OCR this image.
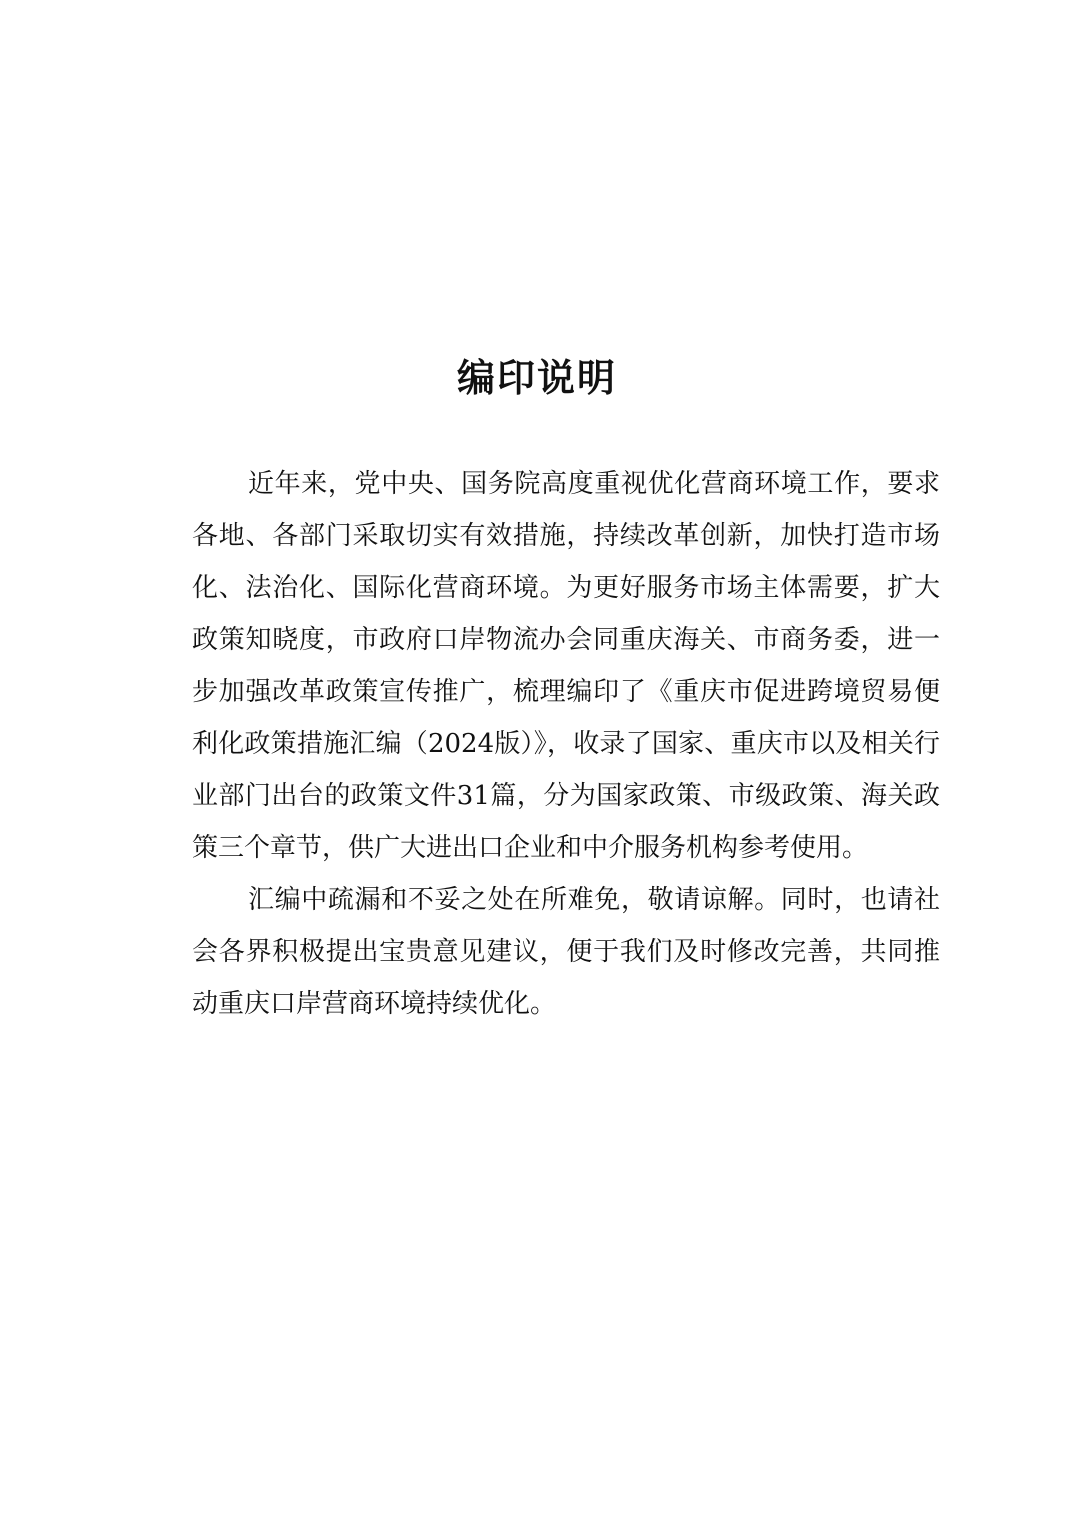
编印说明
近年来，党中央、国务院高度重视优化营商环境工作，要求
各地、各部门采取切实有效措施，持续改革创新，加快打造市场
化、法治化、国际化营商环境。为更好服务市场主体需要，扩大
政策知晓度，市政府口岸物流办会同重庆海关、市商务委，进一
步加强改革政策宣传推广，梳理编印了《重庆市促进跨境贸易便
利化政策措施汇编（2024版）》，收录了国家、重庆市以及相关行
业部门出台的政策文件31篇，分为国家政策、市级政策、海关政
策三个章节，供广大进出口企业和中介服务机构参考使用。
汇编中疏漏和不妥之处在所难免，敬请谅解。同时，也请社
会各界积极提出宝贵意见建议，便于我们及时修改完善，共同推
动重庆口岸营商环境持续优化。
